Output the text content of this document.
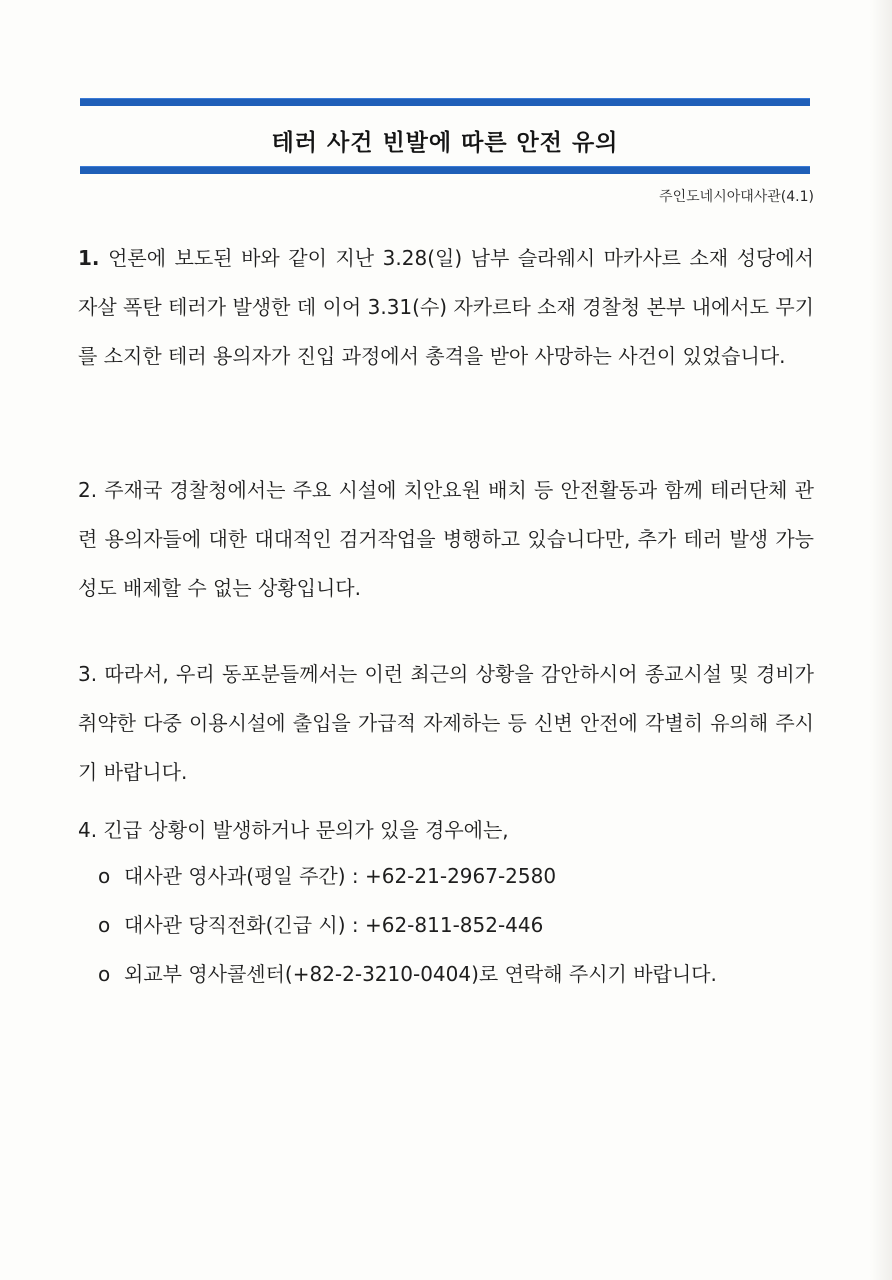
테러 사건 빈발에 따른 안전 유의
주인도네시아대사관(4.1)
1. 언론에 보도된 바와 같이 지난 3.28(일) 남부 슬라웨시 마카사르 소재 성당에서 자살 폭탄 테러가 발생한 데 이어 3.31(수) 자카르타 소재 경찰청 본부 내에서도 무기를 소지한 테러 용의자가 진입 과정에서 총격을 받아 사망하는 사건이 있었습니다.
2. 주재국 경찰청에서는 주요 시설에 치안요원 배치 등 안전활동과 함께 테러단체 관련 용의자들에 대한 대대적인 검거작업을 병행하고 있습니다만, 추가 테러 발생 가능성도 배제할 수 없는 상황입니다.
3. 따라서, 우리 동포분들께서는 이런 최근의 상황을 감안하시어 종교시설 및 경비가 취약한 다중 이용시설에 출입을 가급적 자제하는 등 신변 안전에 각별히 유의해 주시기 바랍니다.
4. 긴급 상황이 발생하거나 문의가 있을 경우에는,
o 대사관 영사과(평일 주간) : +62-21-2967-2580
o 대사관 당직전화(긴급 시) : +62-811-852-446
o 외교부 영사콜센터(+82-2-3210-0404)로 연락해 주시기 바랍니다.
